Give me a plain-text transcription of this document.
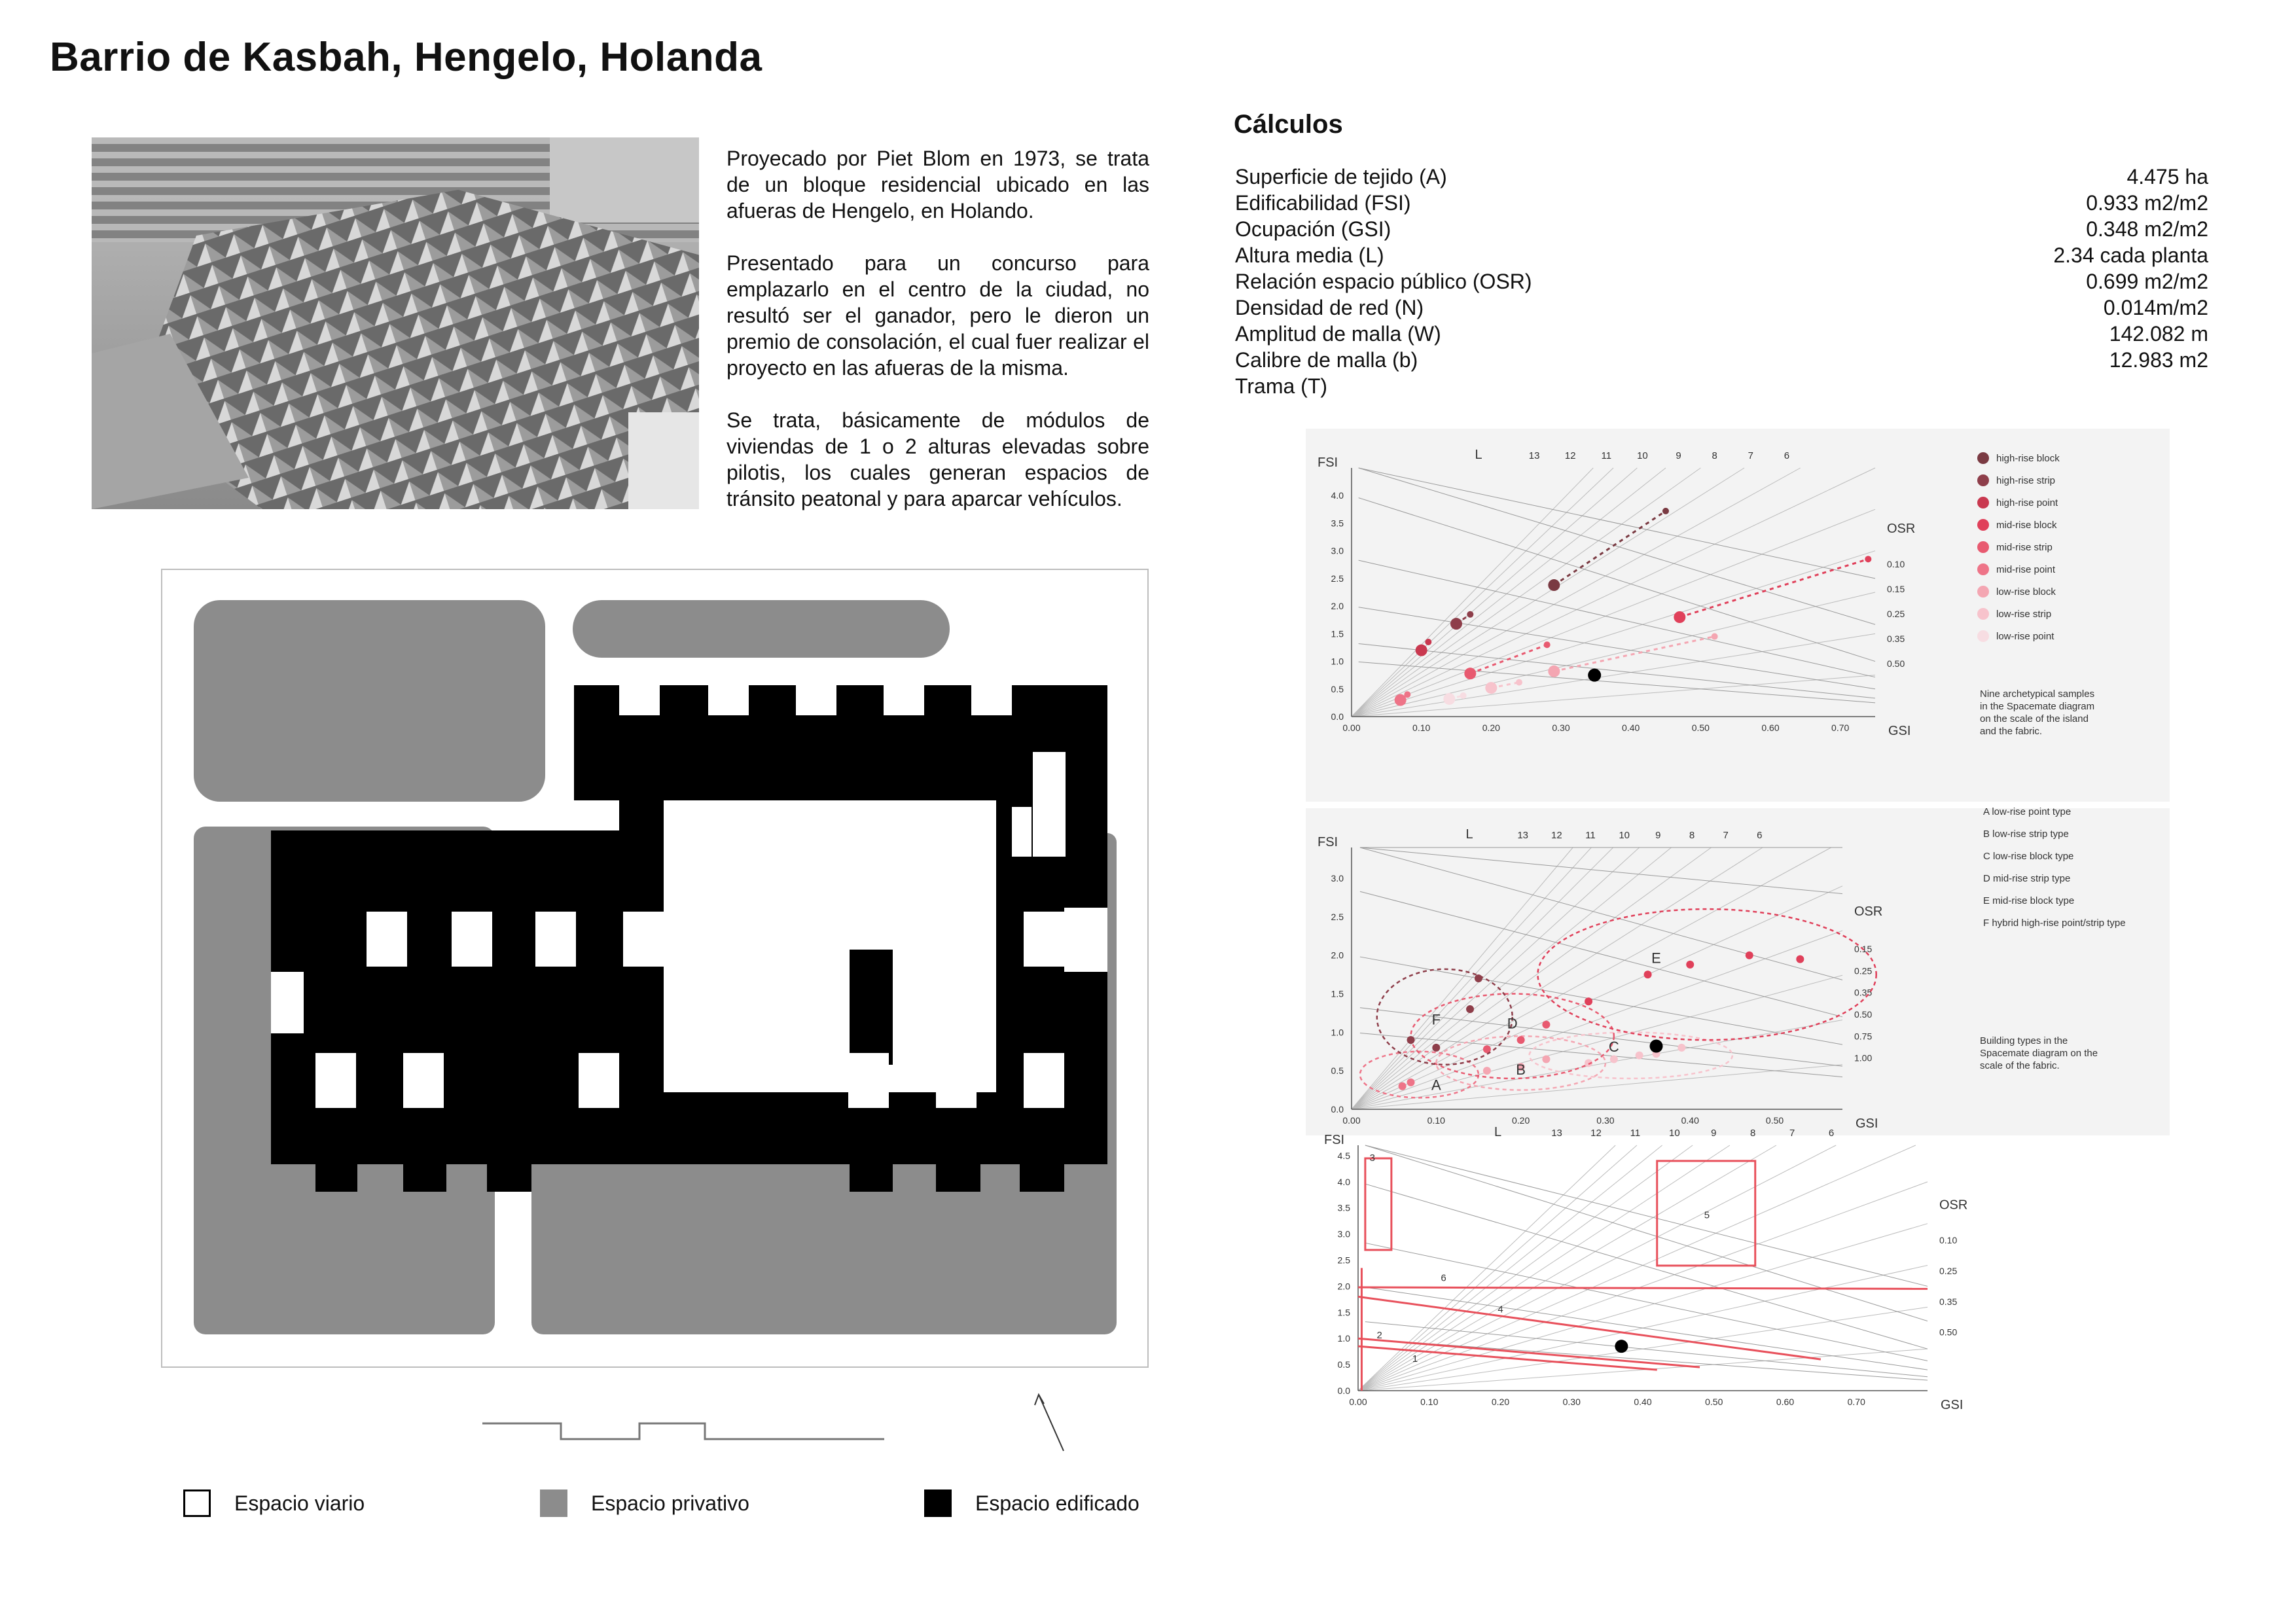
Barrio de Kasbah, Hengelo, Holanda

Proyecado por Piet Blom en 1973, se trata de un bloque residencial ubicado en las afueras de Hengelo, en Holando.

Presentado para un concurso para emplazarlo en el centro de la ciudad, no resultó ser el ganador, pero le dieron un premio de consolación, el cual fuer realizar el proyecto en las afueras de la misma.

Se trata, básicamente de módulos de viviendas de 1 o 2 alturas elevadas sobre pilotis, los cuales generan espacios de tránsito peatonal y para aparcar vehículos.

Cálculos
Superficie de tejido (A)	4.475 ha
Edificabilidad (FSI)	0.933 m2/m2
Ocupación (GSI)	0.348 m2/m2
Altura media (L)	2.34 cada planta
Relación espacio público (OSR)	0.699 m2/m2
Densidad de red (N)	0.014m/m2
Amplitud de malla (W)	142.082 m
Calibre de malla (b)	12.983 m2
Trama (T)
Espacio viario	Espacio privativo	Espacio edificado
0.00	0.10	0.20	0.30	0.40	0.50	0.60	0.70
0.0
0.5
1.0
1.5
2.0
2.5
3.0
3.5
4.0
GSI
FSI
L	13	12	11	10	9	8	7	6
OSR
0.10
0.15
0.25
0.35
0.50
high-rise block
high-rise strip
high-rise point
mid-rise block
mid-rise strip
mid-rise point
low-rise block
low-rise strip
low-rise point
Nine archetypical samples
in the Spacemate diagram
on the scale of the island
and the fabric.
0.00	0.10	0.20	0.30	0.40	0.50
0.0
0.5
1.0
1.5
2.0
2.5
3.0
GSI
FSI
L	13 12 11 10	9	8	7	6
OSR
0.15
0.25
0.35
0.50
0.75
1.00
A
B
C
D
E
F
A low-rise point type
B low-rise strip type
C low-rise block type
D mid-rise strip type
E mid-rise block type
F hybrid high-rise point/strip type
Building types in the
Spacemate diagram on the
scale of the fabric.
0.00	0.10	0.20	0.30	0.40	0.50	0.60	0.70
0.0
0.5
1.0
1.5
2.0
2.5
3.0
3.5
4.0
4.5
GSI
FSI
L	13	12	11	10	9	8	7	6
OSR
0.10
0.25
0.35
0.50
1
2
3
4
5
6
